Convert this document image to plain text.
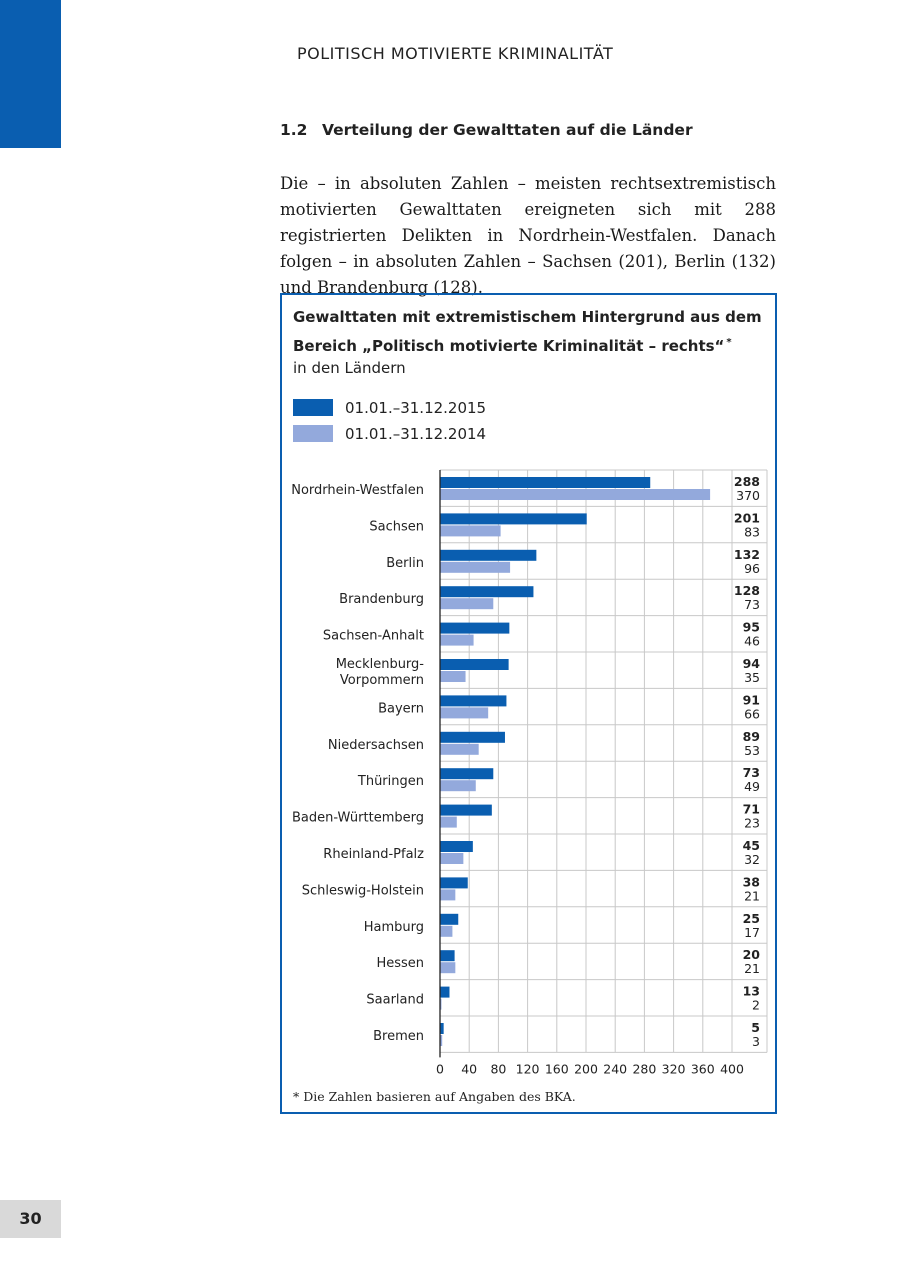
POLITISCH MOTIVIERTE KRIMINALITÄT
1.2 Verteilung der Gewalttaten auf die Länder

Die – in absoluten Zahlen – meisten rechtsextremistisch motivierten Gewalttaten ereigneten sich mit 288 registrierten Delikten in Nordrhein-Westfalen. Danach folgen – in absoluten Zahlen – Sachsen (201), Berlin (132) und Brandenburg (128).

Nordrhein-Westfalen
288
370
Sachsen
201
83
Berlin
132
96
Brandenburg
128
73
Sachsen-Anhalt
95
46
Mecklenburg-
Vorpommern
94
35
Bayern
91
66
Niedersachsen
89
53
Thüringen
73
49
Baden-Württemberg
71
23
Rheinland-Pfalz
45
32
Schleswig-Holstein
38
21
Hamburg
25
17
Hessen
20
21
Saarland
13
2
Bremen
5
3
0 40 80 120 160 200 240 280 320 360 400
Gewalttaten mit extremistischem Hintergrund aus dem Bereich „Politisch motivierte Kriminalität – rechts“ *
in den Ländern
01.01.–31.12.2015
01.01.–31.12.2014
* Die Zahlen basieren auf Angaben des BKA.
30
